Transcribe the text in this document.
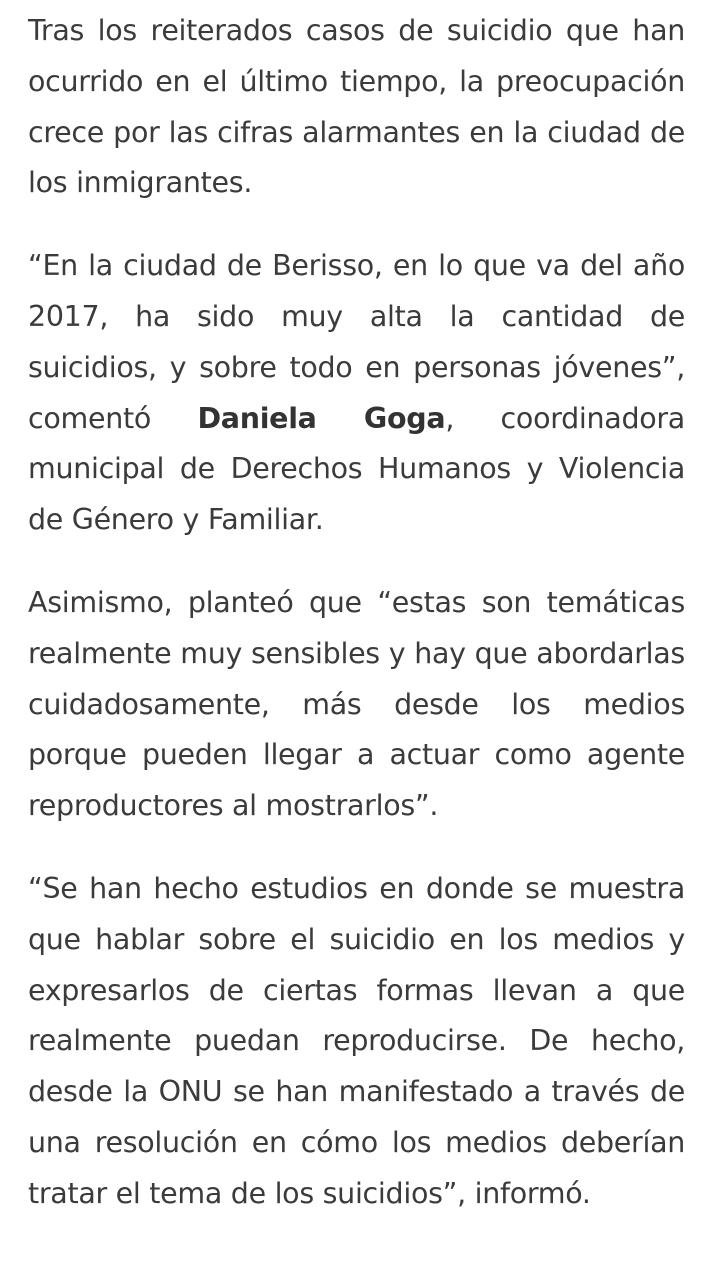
Tras los reiterados casos de suicidio que han ocurrido en el último tiempo, la preocupación crece por las cifras alarmantes en la ciudad de los inmigrantes.

“En la ciudad de Berisso, en lo que va del año 2017, ha sido muy alta la cantidad de suicidios, y sobre todo en personas jóvenes”, comentó Daniela Goga, coordinadora municipal de Derechos Humanos y Violencia de Género y Familiar.

Asimismo, planteó que “estas son temáticas realmente muy sensibles y hay que abordarlas cuidadosamente, más desde los medios porque pueden llegar a actuar como agente reproductores al mostrarlos”.

“Se han hecho estudios en donde se muestra que hablar sobre el suicidio en los medios y expresarlos de ciertas formas llevan a que realmente puedan reproducirse. De hecho, desde la ONU se han manifestado a través de una resolución en cómo los medios deberían tratar el tema de los suicidios”, informó.
